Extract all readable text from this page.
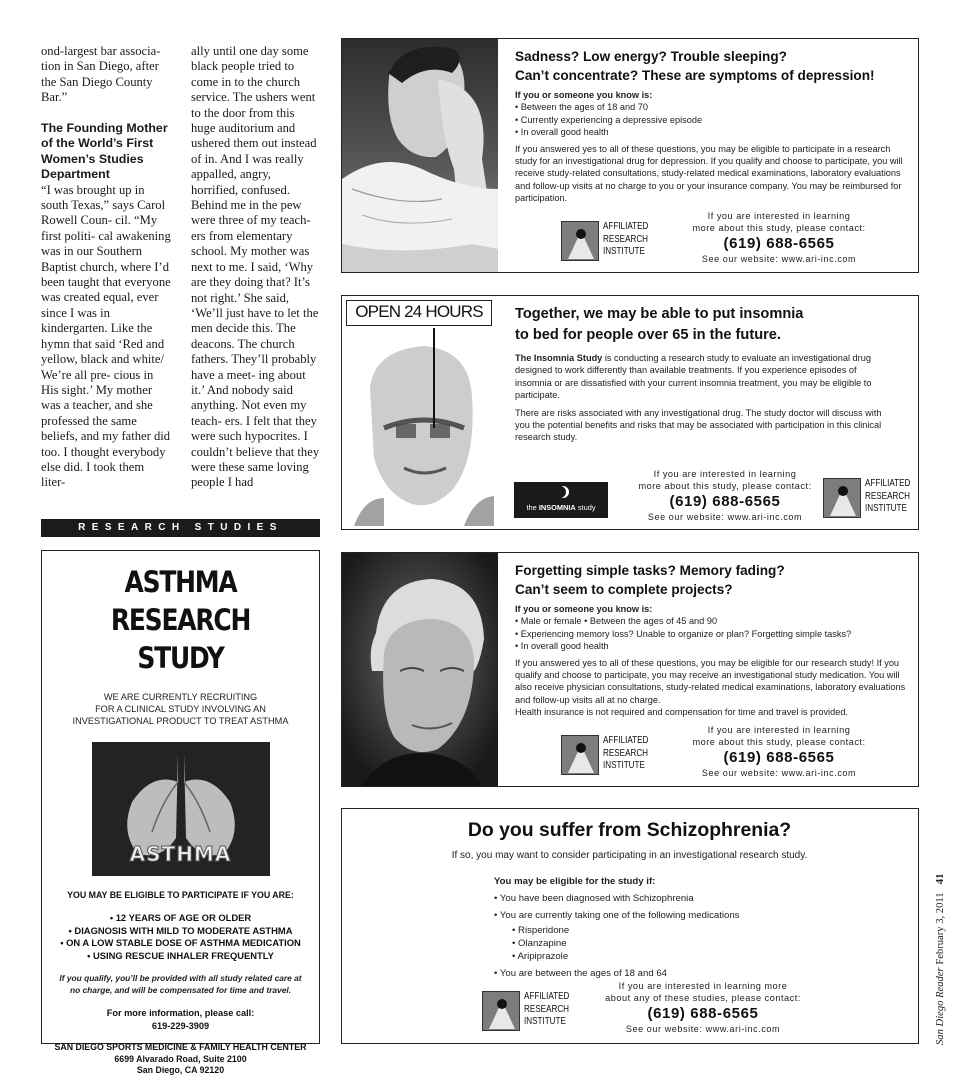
ond-largest bar associa- tion in San Diego, after the San Diego County Bar.”

The Founding Mother of the World’s First Women’s Studies Department

“I was brought up in south Texas,” says Carol Rowell Coun- cil. “My first politi- cal awakening was in our Southern Baptist church, where I’d been taught that everyone was created equal, ever since I was in kindergarten. Like the hymn that said ‘Red and yellow, black and white/ We’re all pre- cious in His sight.’ My mother was a teacher, and she professed the same beliefs, and my father did too. I thought everybody else did. I took them liter-

ally until one day some black people tried to come in to the church service. The ushers went to the door from this huge auditorium and ushered them out instead of in. And I was really appalled, angry, horrified, confused. Behind me in the pew were three of my teach- ers from elementary school. My mother was next to me. I said, ‘Why are they doing that? It’s not right.’ She said, ‘We’ll just have to let the men decide this. The deacons. The church fathers. They’ll probably have a meet- ing about it.’ And nobody said anything. Not even my teach- ers. I felt that they were such hypocrites. I couldn’t believe that they were these same loving people I had

RESEARCH STUDIES
Sadness? Low energy? Trouble sleeping?
Can’t concentrate? These are symptoms of depression!
If you or someone you know is:
• Between the ages of 18 and 70
• Currently experiencing a depressive episode
• In overall good health
If you answered yes to all of these questions, you may be eligible to participate in a research study for an investigational drug for depression. If you qualify and choose to participate, you will receive study-related consultations, study-related medical examinations, laboratory evaluations and follow-up visits at no charge to you or your insurance company. You may be reimbursed for participation.
AFFILIATED
RESEARCH
INSTITUTE
If you are interested in learning
more about this study, please contact:
(619) 688-6565
See our website: www.ari-inc.com
OPEN 24 HOURS	Together, we may be able to put insomnia
to bed for people over 65 in the future.
The Insomnia Study is conducting a research study to evaluate an investigational drug designed to work differently than available treatments. If you experience episodes of insomnia or are dissatisfied with your current insomnia treatment, you may be eligible to participate.
There are risks associated with any investigational drug. The study doctor will discuss with you the potential benefits and risks that may be associated with participation in this clinical research study.
the INSOMNIA study
If you are interested in learning
more about this study, please contact:
(619) 688-6565
See our website: www.ari-inc.com
AFFILIATED
RESEARCH
INSTITUTE
Forgetting simple tasks? Memory fading?
Can’t seem to complete projects?
If you or someone you know is:
• Male or female • Between the ages of 45 and 90
• Experiencing memory loss? Unable to organize or plan? Forgetting simple tasks?
• In overall good health
If you answered yes to all of these questions, you may be eligible for our research study! If you qualify and choose to participate, you may receive an investigational study medication. You will also receive physician consultations, study-related medical examinations, laboratory evaluations and follow-up visits all at no charge.
Health insurance is not required and compensation for time and travel is provided.
AFFILIATED
RESEARCH
INSTITUTE
If you are interested in learning
more about this study, please contact:
(619) 688-6565
See our website: www.ari-inc.com
Do you suffer from Schizophrenia?
If so, you may want to consider participating in an investigational research study.
You may be eligible for the study if:
• You have been diagnosed with Schizophrenia
• You are currently taking one of the following medications
• Risperidone
• Olanzapine
• Aripiprazole
• You are between the ages of 18 and 64
AFFILIATED
RESEARCH
INSTITUTE
If you are interested in learning more
about any of these studies, please contact:
(619) 688-6565
See our website: www.ari-inc.com
ASTHMA RESEARCH
STUDY
WE ARE CURRENTLY RECRUITING
FOR A CLINICAL STUDY INVOLVING AN
INVESTIGATIONAL PRODUCT TO TREAT ASTHMA
ASTHMA
YOU MAY BE ELIGIBLE TO PARTICIPATE IF YOU ARE:
• 12 YEARS OF AGE OR OLDER
• DIAGNOSIS WITH MILD TO MODERATE ASTHMA
• ON A LOW STABLE DOSE OF ASTHMA MEDICATION
• USING RESCUE INHALER FREQUENTLY
If you qualify, you’ll be provided with all study related care at
no charge, and will be compensated for time and travel.
For more information, please call:
619-229-3909
SAN DIEGO SPORTS MEDICINE & FAMILY HEALTH CENTER
6699 Alvarado Road, Suite 2100
San Diego, CA 92120
San Diego Reader February 3, 201141
